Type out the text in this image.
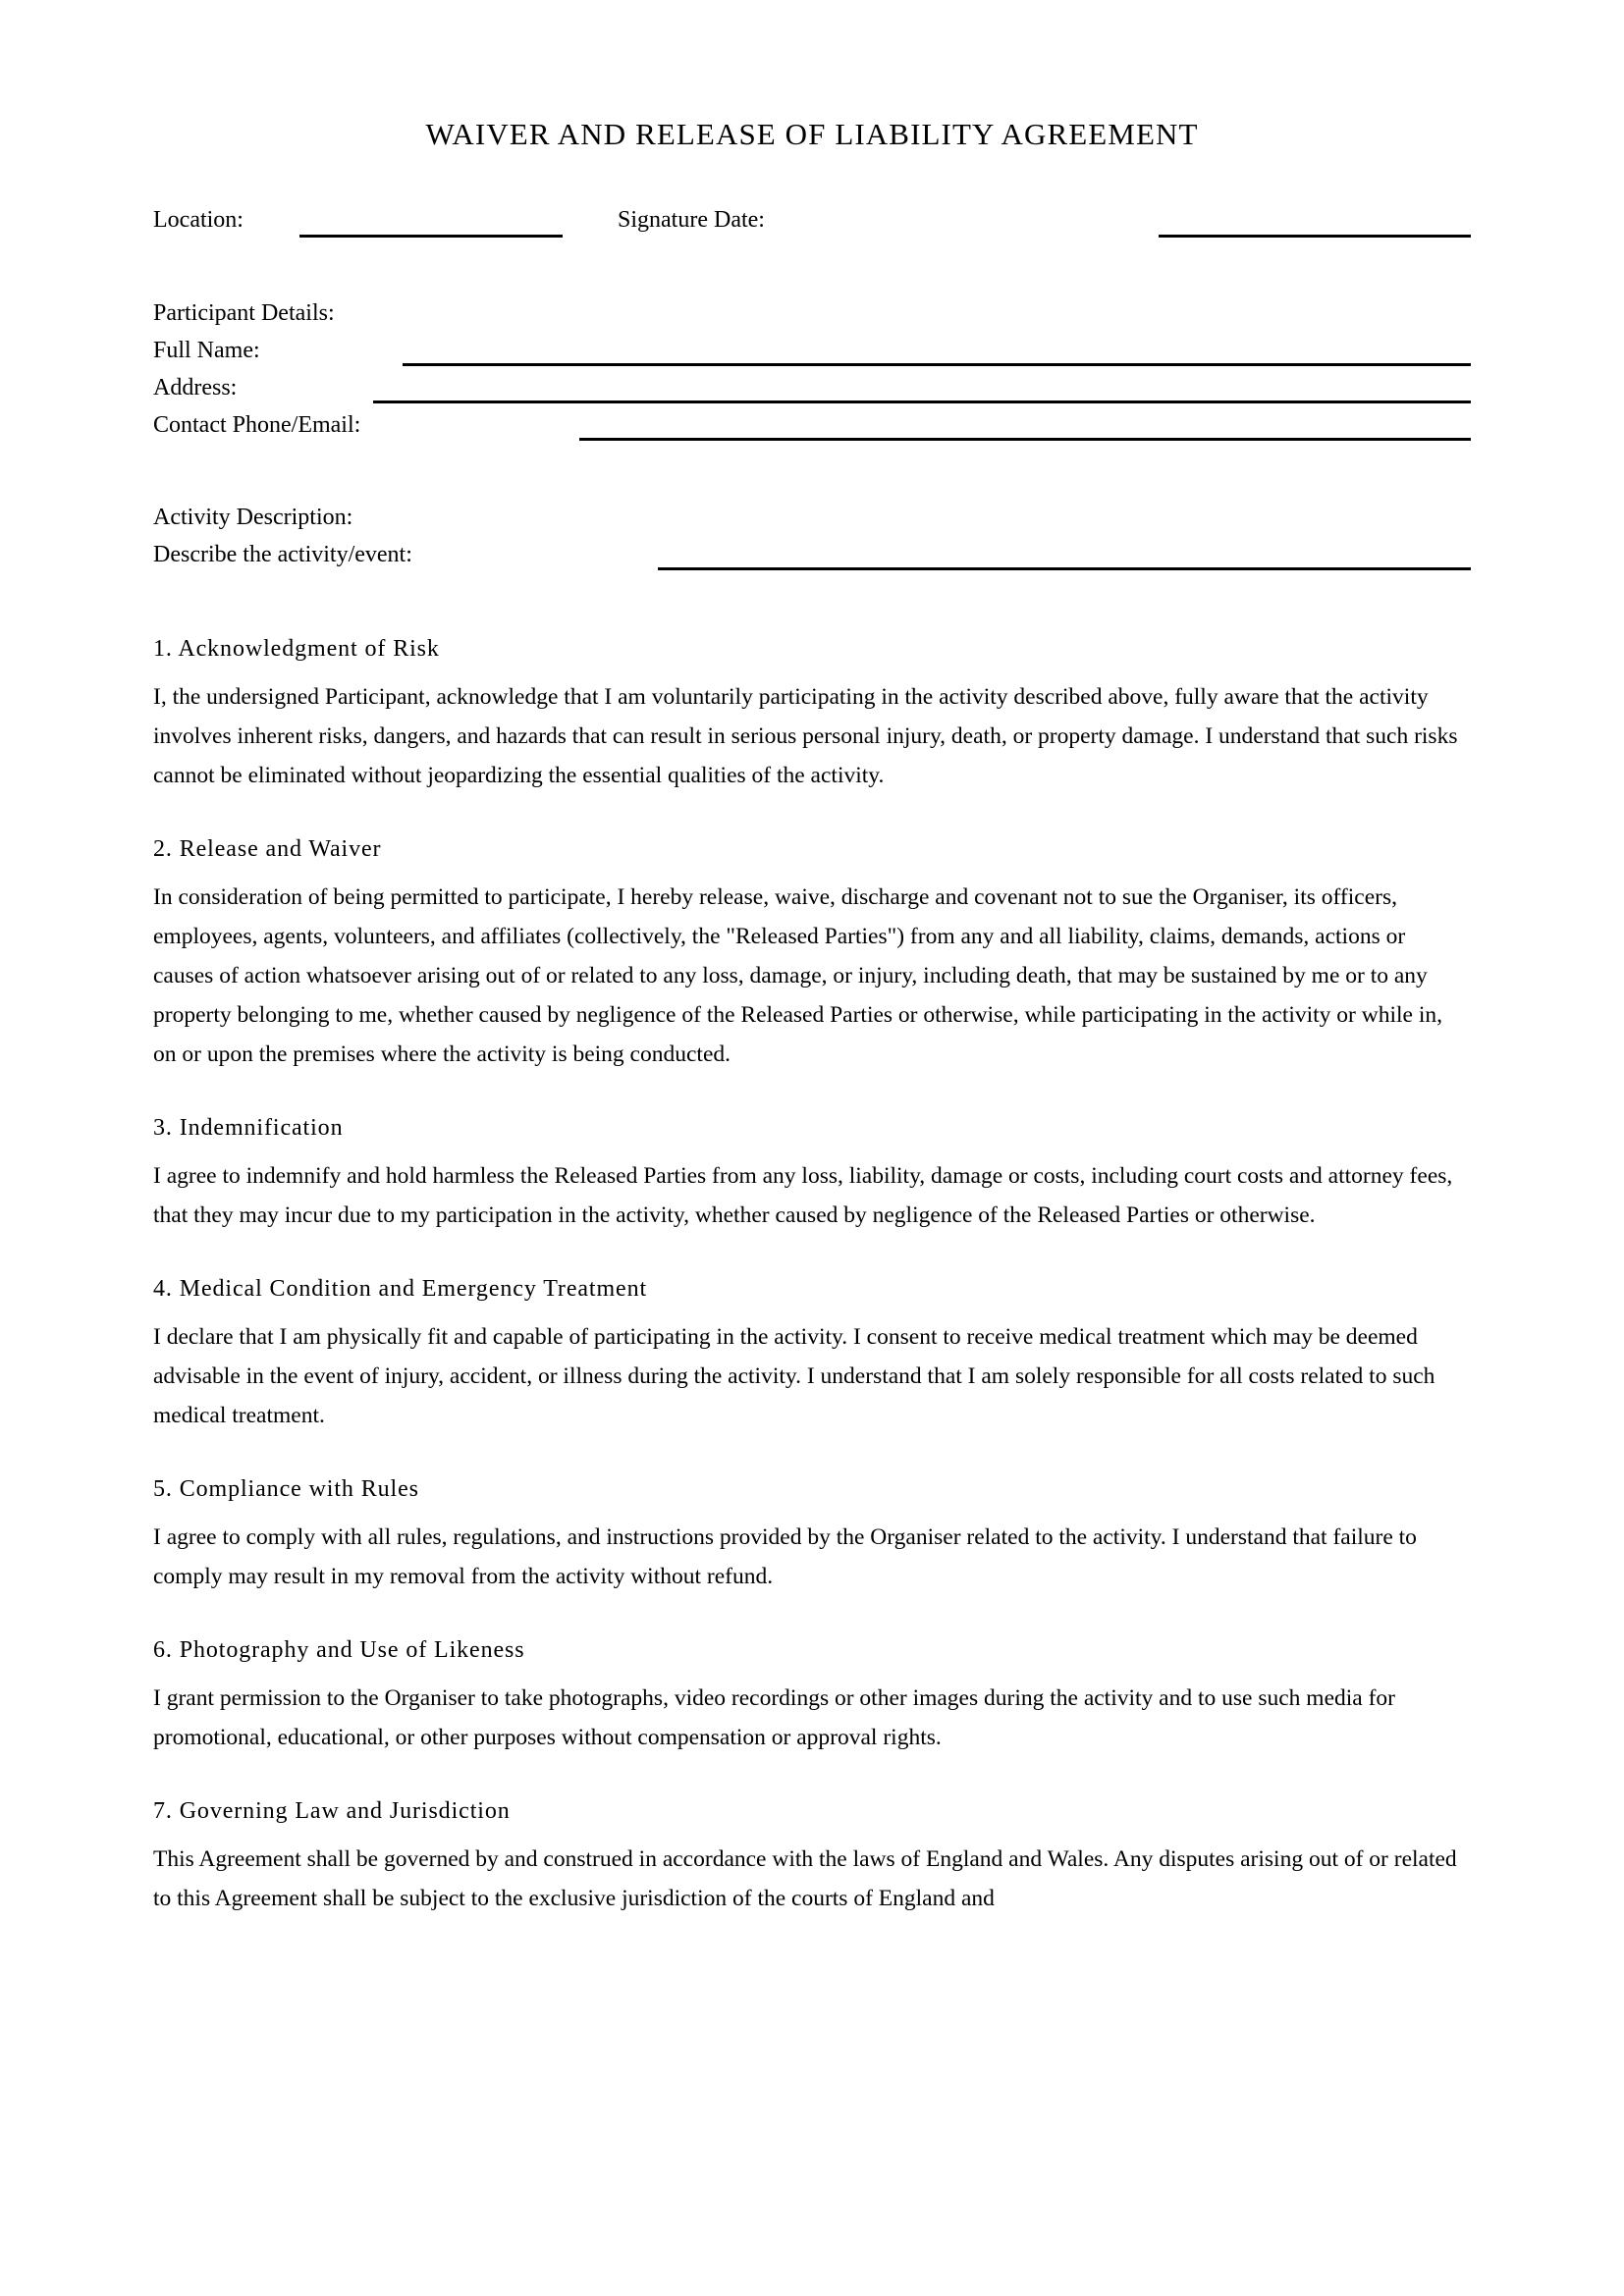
WAIVER AND RELEASE OF LIABILITY AGREEMENT
Location:	Signature Date:
Participant Details:
Full Name:
Address:
Contact Phone/Email:
Activity Description:
Describe the activity/event:
1. Acknowledgment of Risk

I, the undersigned Participant, acknowledge that I am voluntarily participating in the activity described above, fully aware that the activity involves inherent risks, dangers, and hazards that can result in serious personal injury, death, or property damage. I understand that such risks cannot be eliminated without jeopardizing the essential qualities of the activity.

2. Release and Waiver

In consideration of being permitted to participate, I hereby release, waive, discharge and covenant not to sue the Organiser, its officers, employees, agents, volunteers, and affiliates (collectively, the "Released Parties") from any and all liability, claims, demands, actions or causes of action whatsoever arising out of or related to any loss, damage, or injury, including death, that may be sustained by me or to any property belonging to me, whether caused by negligence of the Released Parties or otherwise, while participating in the activity or while in, on or upon the premises where the activity is being conducted.

3. Indemnification

I agree to indemnify and hold harmless the Released Parties from any loss, liability, damage or costs, including court costs and attorney fees, that they may incur due to my participation in the activity, whether caused by negligence of the Released Parties or otherwise.

4. Medical Condition and Emergency Treatment

I declare that I am physically fit and capable of participating in the activity. I consent to receive medical treatment which may be deemed advisable in the event of injury, accident, or illness during the activity. I understand that I am solely responsible for all costs related to such medical treatment.

5. Compliance with Rules

I agree to comply with all rules, regulations, and instructions provided by the Organiser related to the activity. I understand that failure to comply may result in my removal from the activity without refund.

6. Photography and Use of Likeness

I grant permission to the Organiser to take photographs, video recordings or other images during the activity and to use such media for promotional, educational, or other purposes without compensation or approval rights.

7. Governing Law and Jurisdiction

This Agreement shall be governed by and construed in accordance with the laws of England and Wales. Any disputes arising out of or related to this Agreement shall be subject to the exclusive jurisdiction of the courts of England and
